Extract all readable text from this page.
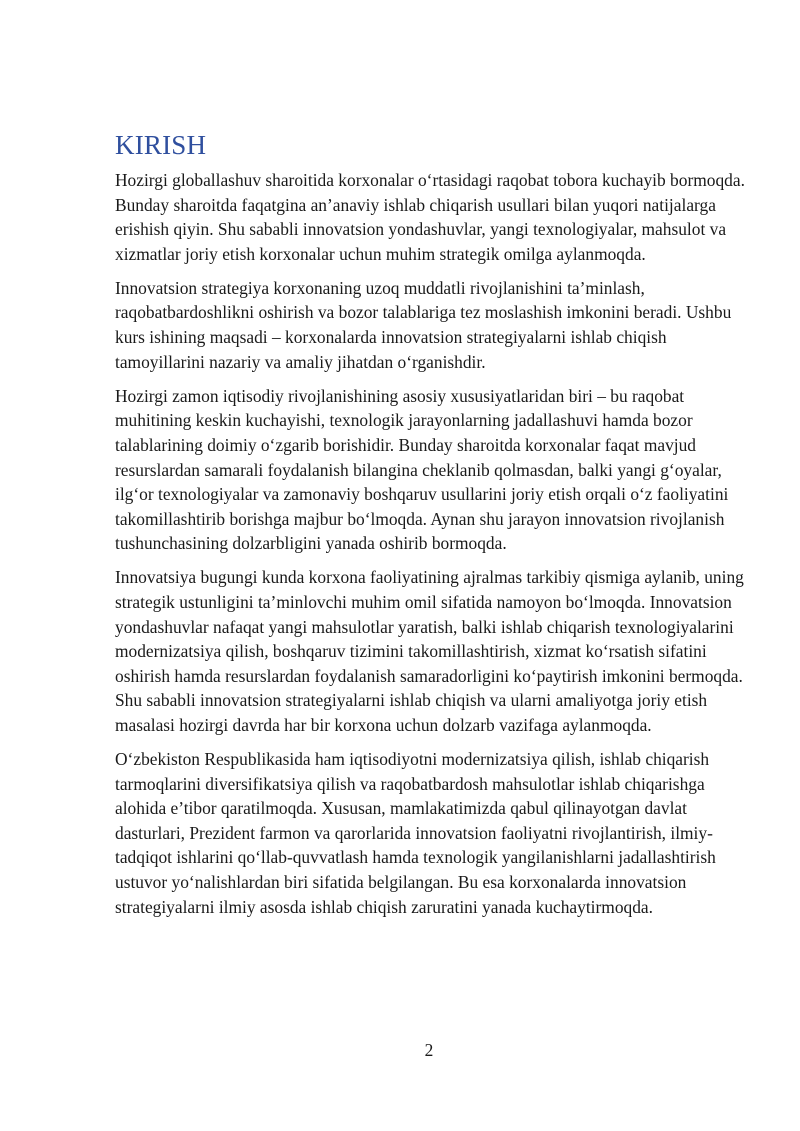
KIRISH

Hozirgi globallashuv sharoitida korxonalar o‘rtasidagi raqobat tobora kuchayib bormoqda. Bunday sharoitda faqatgina an’anaviy ishlab chiqarish usullari bilan yuqori natijalarga erishish qiyin. Shu sababli innovatsion yondashuvlar, yangi texnologiyalar, mahsulot va xizmatlar joriy etish korxonalar uchun muhim strategik omilga aylanmoqda.

Innovatsion strategiya korxonaning uzoq muddatli rivojlanishini ta’minlash, raqobatbardoshlikni oshirish va bozor talablariga tez moslashish imkonini beradi. Ushbu kurs ishining maqsadi – korxonalarda innovatsion strategiyalarni ishlab chiqish tamoyillarini nazariy va amaliy jihatdan o‘rganishdir.

Hozirgi zamon iqtisodiy rivojlanishining asosiy xususiyatlaridan biri – bu raqobat muhitining keskin kuchayishi, texnologik jarayonlarning jadallashuvi hamda bozor talablarining doimiy o‘zgarib borishidir. Bunday sharoitda korxonalar faqat mavjud resurslardan samarali foydalanish bilangina cheklanib qolmasdan, balki yangi g‘oyalar, ilg‘or texnologiyalar va zamonaviy boshqaruv usullarini joriy etish orqali o‘z faoliyatini takomillashtirib borishga majbur bo‘lmoqda. Aynan shu jarayon innovatsion rivojlanish tushunchasining dolzarbligini yanada oshirib bormoqda.

Innovatsiya bugungi kunda korxona faoliyatining ajralmas tarkibiy qismiga aylanib, uning strategik ustunligini ta’minlovchi muhim omil sifatida namoyon bo‘lmoqda. Innovatsion yondashuvlar nafaqat yangi mahsulotlar yaratish, balki ishlab chiqarish texnologiyalarini modernizatsiya qilish, boshqaruv tizimini takomillashtirish, xizmat ko‘rsatish sifatini oshirish hamda resurslardan foydalanish samaradorligini ko‘paytirish imkonini bermoqda. Shu sababli innovatsion strategiyalarni ishlab chiqish va ularni amaliyotga joriy etish masalasi hozirgi davrda har bir korxona uchun dolzarb vazifaga aylanmoqda.

O‘zbekiston Respublikasida ham iqtisodiyotni modernizatsiya qilish, ishlab chiqarish tarmoqlarini diversifikatsiya qilish va raqobatbardosh mahsulotlar ishlab chiqarishga alohida e’tibor qaratilmoqda. Xususan, mamlakatimizda qabul qilinayotgan davlat dasturlari, Prezident farmon va qarorlarida innovatsion faoliyatni rivojlantirish, ilmiy-tadqiqot ishlarini qo‘llab-quvvatlash hamda texnologik yangilanishlarni jadallashtirish ustuvor yo‘nalishlardan biri sifatida belgilangan. Bu esa korxonalarda innovatsion strategiyalarni ilmiy asosda ishlab chiqish zaruratini yanada kuchaytirmoqda.

2
